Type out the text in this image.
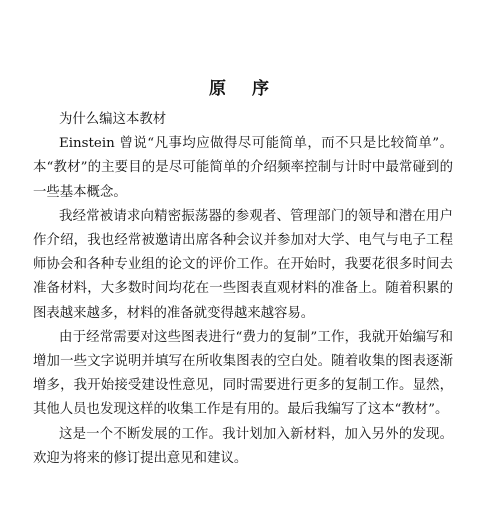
原 序

为什么编这本教材

Einstein 曾说“凡事均应做得尽可能简单，而不只是比较简单”。本“教材”的主要目的是尽可能简单的介绍频率控制与计时中最常碰到的一些基本概念。

我经常被请求向精密振荡器的参观者、管理部门的领导和潜在用户作介绍，我也经常被邀请出席各种会议并参加对大学、电气与电子工程师协会和各种专业组的论文的评价工作。在开始时，我要花很多时间去准备材料，大多数时间均花在一些图表直观材料的准备上。随着积累的图表越来越多，材料的准备就变得越来越容易。

由于经常需要对这些图表进行“费力的复制”工作，我就开始编写和增加一些文字说明并填写在所收集图表的空白处。随着收集的图表逐渐增多，我开始接受建设性意见，同时需要进行更多的复制工作。显然，其他人员也发现这样的收集工作是有用的。最后我编写了这本“教材”。

这是一个不断发展的工作。我计划加入新材料，加入另外的发现。欢迎为将来的修订提出意见和建议。
